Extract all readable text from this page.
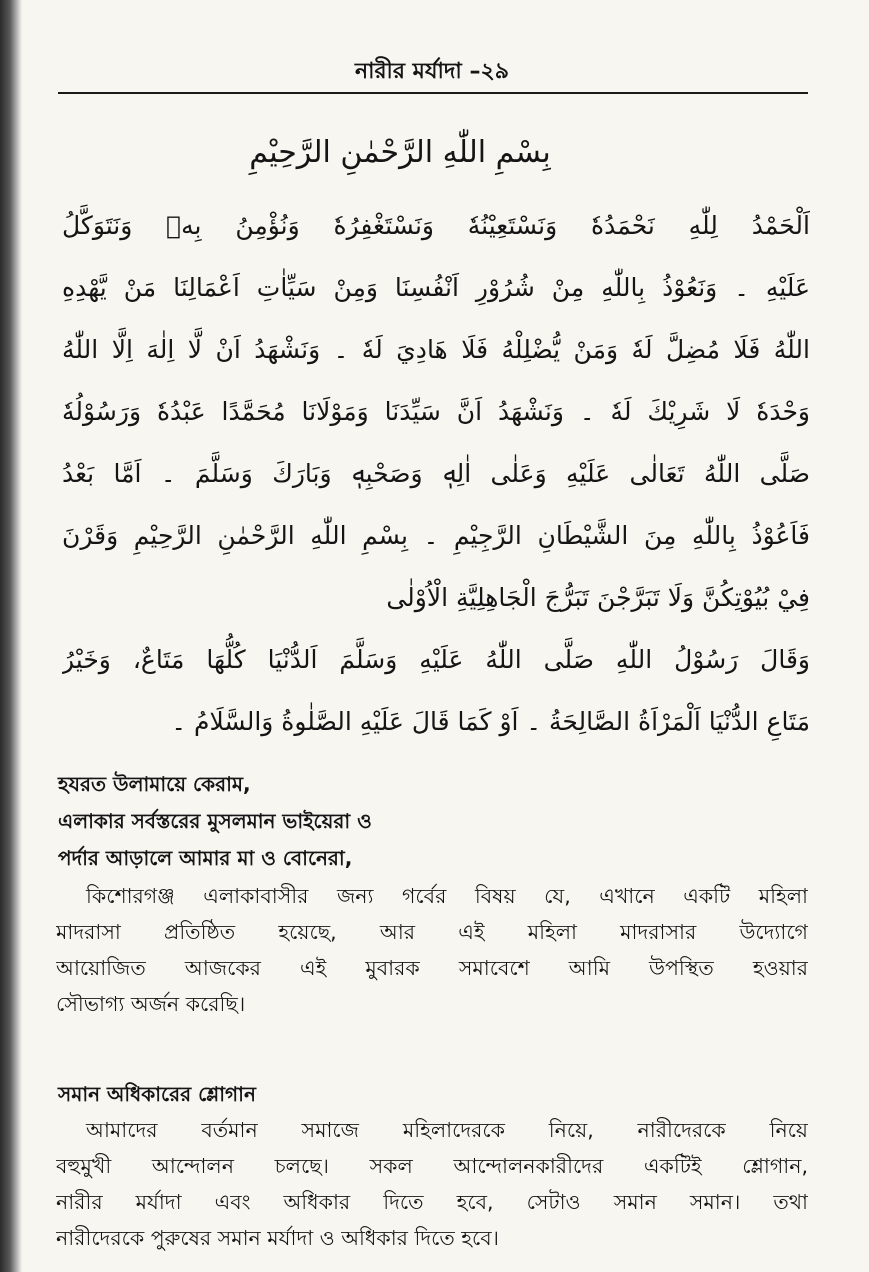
নারীর মর্যাদা –২৯
بِسْمِ اللّٰهِ الرَّحْمٰنِ الرَّحِيْمِ
اَلْحَمْدُ لِلّٰهِ نَحْمَدُهٗ وَنَسْتَعِيْنُهٗ وَنَسْتَغْفِرُهٗ وَنُؤْمِنُ بِهٖ وَنَتَوَكَّلُ
عَلَيْهِ ۔ وَنَعُوْذُ بِاللّٰهِ مِنْ شُرُوْرِ اَنْفُسِنَا وَمِنْ سَيِّاٰتِ اَعْمَالِنَا مَنْ يَّهْدِهِ
اللّٰهُ فَلَا مُضِلَّ لَهٗ وَمَنْ يُّضْلِلْهُ فَلَا هَادِيَ لَهٗ ۔ وَنَشْهَدُ اَنْ لَّا اِلٰهَ اِلَّا اللّٰهُ
وَحْدَهٗ لَا شَرِيْكَ لَهٗ ۔ وَنَشْهَدُ اَنَّ سَيِّدَنَا وَمَوْلَانَا مُحَمَّدًا عَبْدُهٗ وَرَسُوْلُهٗ
صَلَّى اللّٰهُ تَعَالٰى عَلَيْهِ وَعَلٰى اٰلِهٖ وَصَحْبِهٖ وَبَارَكَ وَسَلَّمَ ۔ اَمَّا بَعْدُ
فَاَعُوْذُ بِاللّٰهِ مِنَ الشَّيْطَانِ الرَّجِيْمِ ۔ بِسْمِ اللّٰهِ الرَّحْمٰنِ الرَّحِيْمِ وَقَرْنَ
فِيْ بُيُوْتِكُنَّ وَلَا تَبَرَّجْنَ تَبَرُّجَ الْجَاهِلِيَّةِ الْاُوْلٰى
وَقَالَ رَسُوْلُ اللّٰهِ صَلَّى اللّٰهُ عَلَيْهِ وَسَلَّمَ اَلدُّنْيَا كُلُّهَا مَتَاعٌ، وَخَيْرُ
مَتَاعِ الدُّنْيَا اَلْمَرْاَةُ الصَّالِحَةُ ۔ اَوْ كَمَا قَالَ عَلَيْهِ الصَّلٰوةُ وَالسَّلَامُ ۔
হযরত উলামায়ে কেরাম,
এলাকার সর্বস্তরের মুসলমান ভাইয়েরা ও
পর্দার আড়ালে আমার মা ও বোনেরা,
কিশোরগঞ্জ এলাকাবাসীর জন্য গর্বের বিষয় যে, এখানে একটি মহিলা
মাদরাসা প্রতিষ্ঠিত হয়েছে, আর এই মহিলা মাদরাসার উদ্যোগে
আয়োজিত আজকের এই মুবারক সমাবেশে আমি উপস্থিত হওয়ার
সৌভাগ্য অর্জন করেছি।
সমান অধিকারের শ্লোগান
আমাদের বর্তমান সমাজে মহিলাদেরকে নিয়ে, নারীদেরকে নিয়ে
বহুমুখী আন্দোলন চলছে। সকল আন্দোলনকারীদের একটিই শ্লোগান,
নারীর মর্যাদা এবং অধিকার দিতে হবে, সেটাও সমান সমান। তথা
নারীদেরকে পুরুষের সমান মর্যাদা ও অধিকার দিতে হবে।
